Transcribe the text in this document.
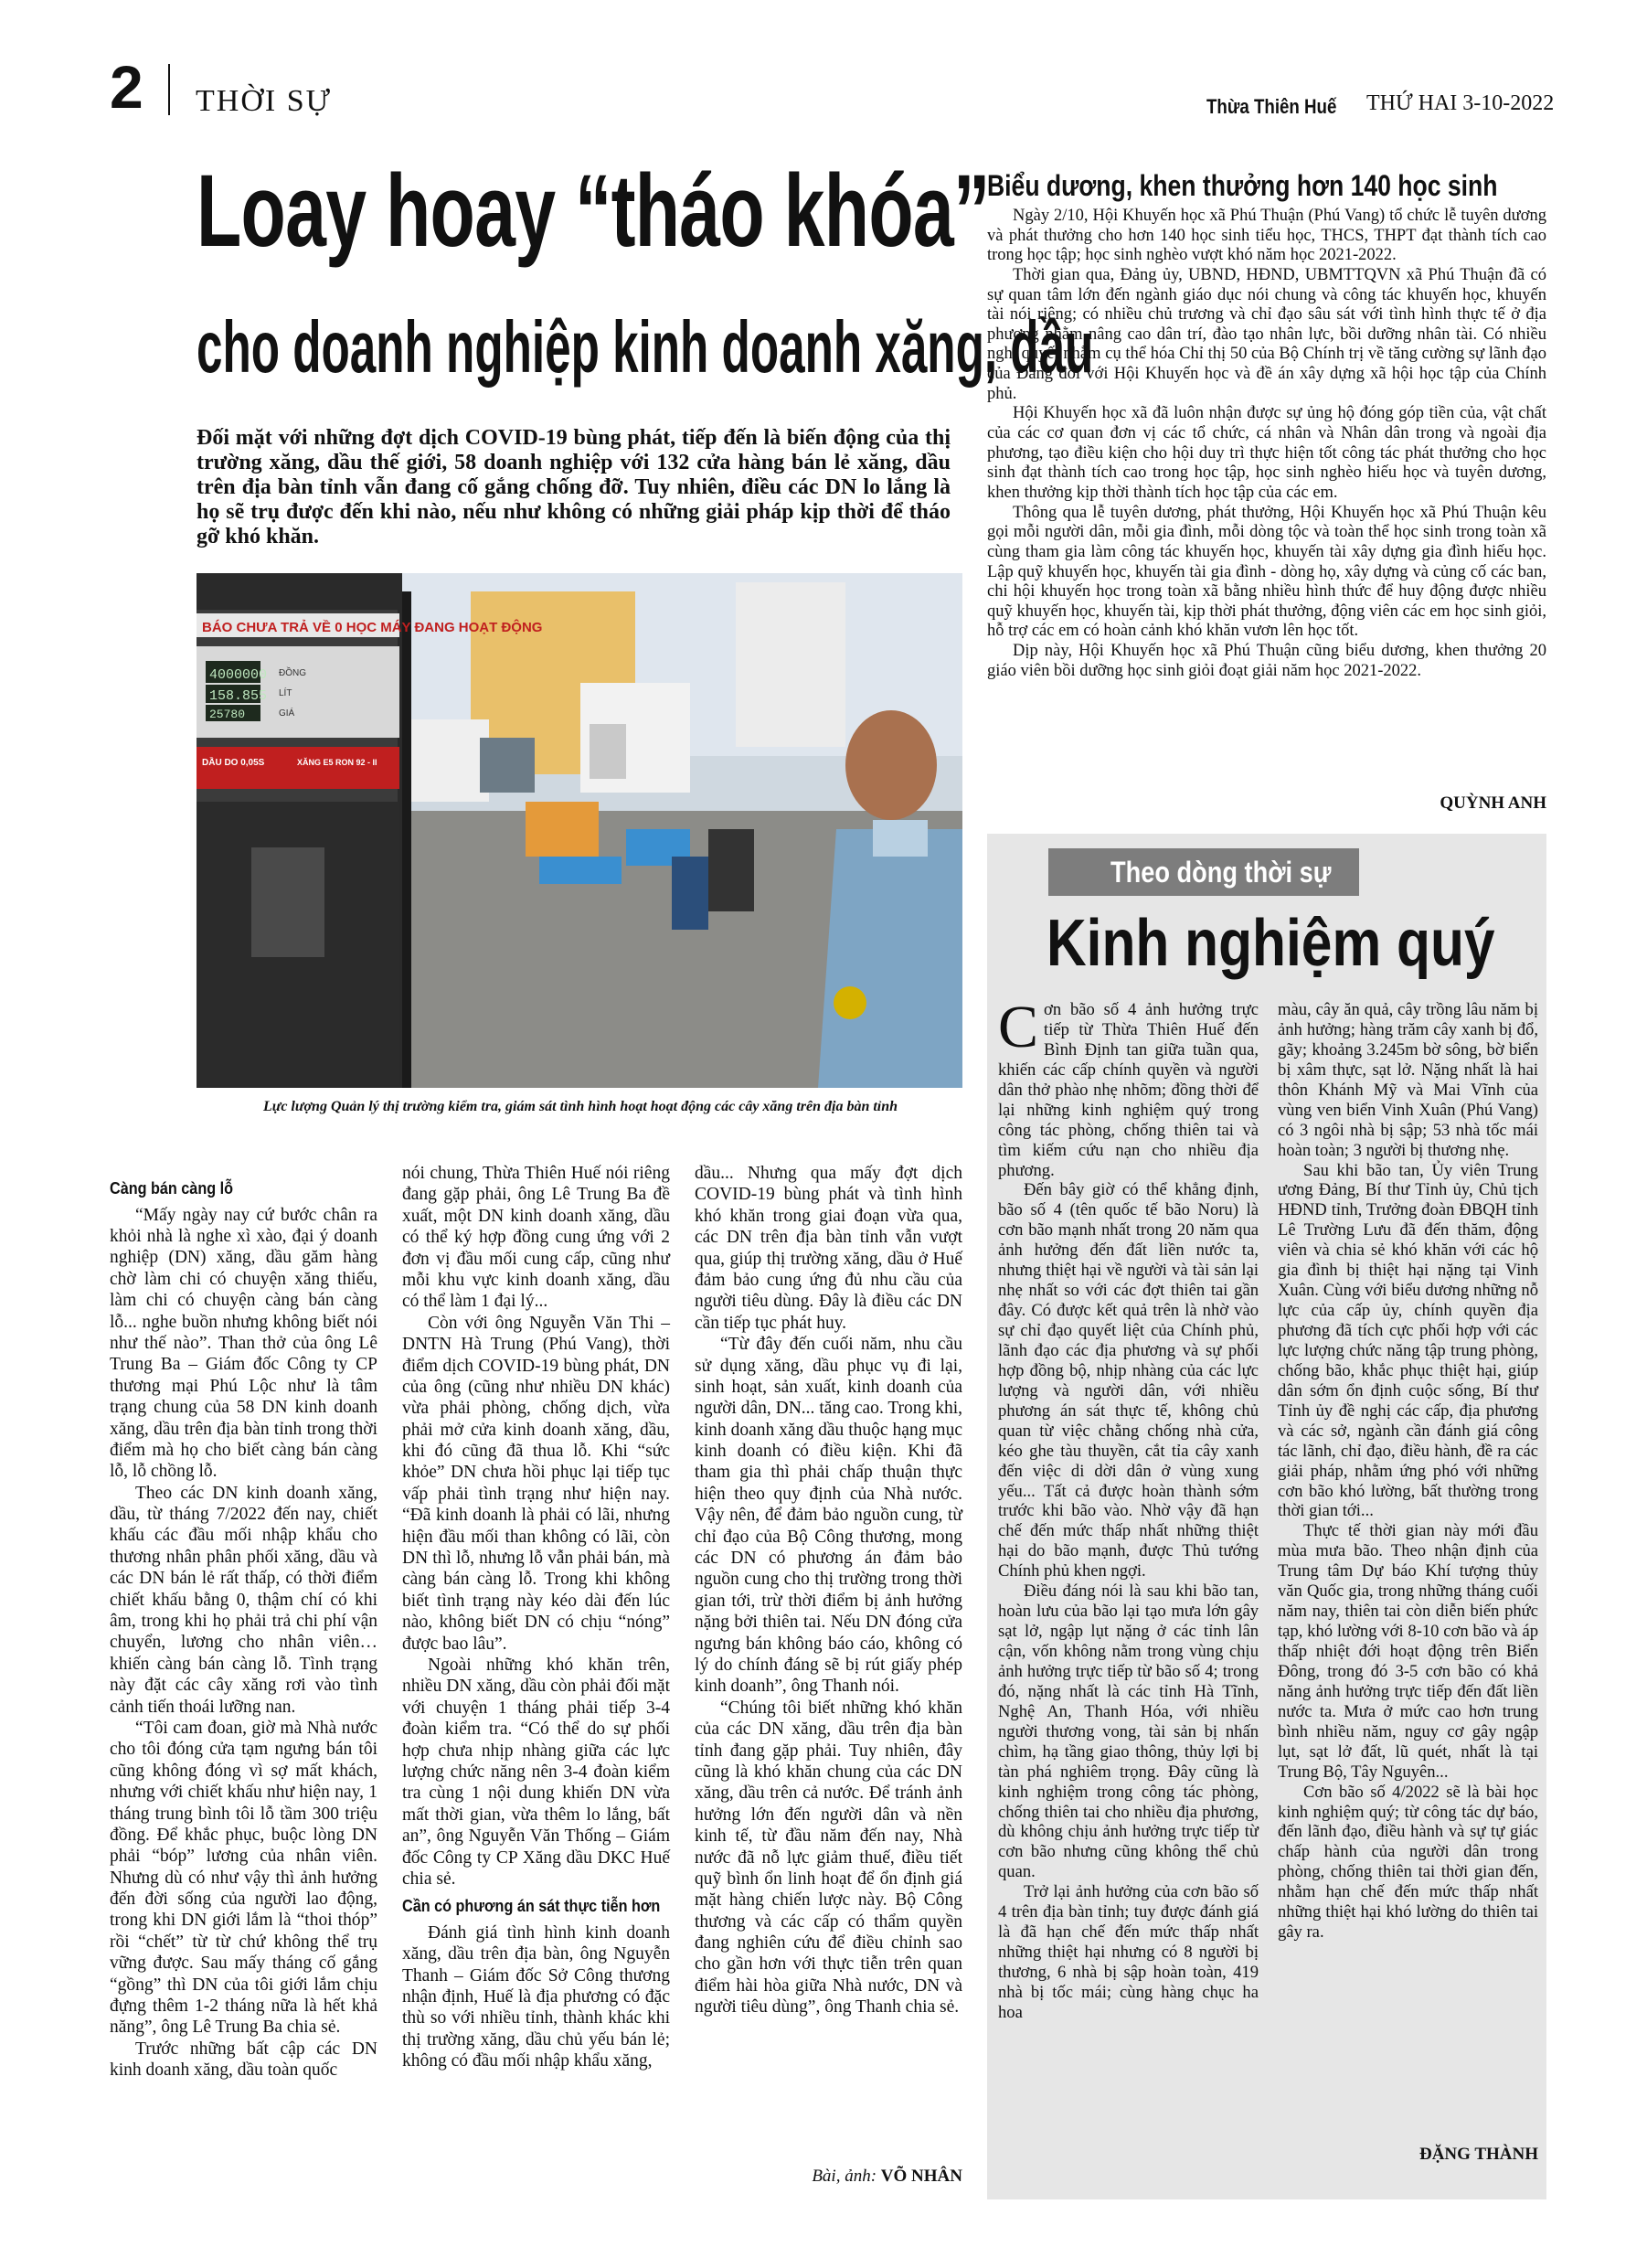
2 THỜI SỰ	Thừa Thiên Huế THỨ HAI 3-10-2022
Loay hoay “tháo khóa”
cho doanh nghiệp kinh doanh xăng, dầu
Đối mặt với những đợt dịch COVID-19 bùng phát, tiếp đến là biến động của thị trường xăng, dầu thế giới, 58 doanh nghiệp với 132 cửa hàng bán lẻ xăng, dầu trên địa bàn tỉnh vẫn đang cố gắng chống đỡ. Tuy nhiên, điều các DN lo lắng là họ sẽ trụ được đến khi nào, nếu như không có những giải pháp kịp thời để tháo gỡ khó khăn.
BÁO CHƯA TRẢ VỀ 0 HỌC MÁY ĐANG HOẠT ĐỘNG
4000000
158.855
25780
ĐỒNG
LÍT
GIÁ
DẦU DO 0,05S	XĂNG E5 RON 92 - II
Lực lượng Quản lý thị trường kiểm tra, giám sát tình hình hoạt hoạt động các cây xăng trên địa bàn tỉnh
Càng bán càng lỗ

“Mấy ngày nay cứ bước chân ra khỏi nhà là nghe xì xào, đại ý doanh nghiệp (DN) xăng, dầu găm hàng chờ làm chi có chuyện xăng thiếu, làm chi có chuyện càng bán càng lỗ... nghe buồn nhưng không biết nói như thế nào”. Than thở của ông Lê Trung Ba – Giám đốc Công ty CP thương mại Phú Lộc như là tâm trạng chung của 58 DN kinh doanh xăng, dầu trên địa bàn tỉnh trong thời điểm mà họ cho biết càng bán càng lỗ, lỗ chồng lỗ.

Theo các DN kinh doanh xăng, dầu, từ tháng 7/2022 đến nay, chiết khấu các đầu mối nhập khẩu cho thương nhân phân phối xăng, dầu và các DN bán lẻ rất thấp, có thời điểm chiết khấu bằng 0, thậm chí có khi âm, trong khi họ phải trả chi phí vận chuyển, lương cho nhân viên… khiến càng bán càng lỗ. Tình trạng này đặt các cây xăng rơi vào tình cảnh tiến thoái lưỡng nan.

“Tôi cam đoan, giờ mà Nhà nước cho tôi đóng cửa tạm ngưng bán tôi cũng không đóng vì sợ mất khách, nhưng với chiết khấu như hiện nay, 1 tháng trung bình tôi lỗ tầm 300 triệu đồng. Để khắc phục, buộc lòng DN phải “bóp” lương của nhân viên. Nhưng dù có như vậy thì ảnh hưởng đến đời sống của người lao động, trong khi DN giới lắm là “thoi thóp” rồi “chết” từ từ chứ không thể trụ vững được. Sau mấy tháng cố gắng “gồng” thì DN của tôi giới lắm chịu đựng thêm 1-2 tháng nữa là hết khả năng”, ông Lê Trung Ba chia sẻ.

Trước những bất cập các DN kinh doanh xăng, dầu toàn quốc

nói chung, Thừa Thiên Huế nói riêng đang gặp phải, ông Lê Trung Ba đề xuất, một DN kinh doanh xăng, dầu có thể ký hợp đồng cung ứng với 2 đơn vị đầu mối cung cấp, cũng như mỗi khu vực kinh doanh xăng, dầu có thể làm 1 đại lý...

Còn với ông Nguyễn Văn Thi – DNTN Hà Trung (Phú Vang), thời điểm dịch COVID-19 bùng phát, DN của ông (cũng như nhiều DN khác) vừa phải phòng, chống dịch, vừa phải mở cửa kinh doanh xăng, dầu, khi đó cũng đã thua lỗ. Khi “sức khỏe” DN chưa hồi phục lại tiếp tục vấp phải tình trạng như hiện nay. “Đã kinh doanh là phải có lãi, nhưng hiện đầu mối than không có lãi, còn DN thì lỗ, nhưng lỗ vẫn phải bán, mà càng bán càng lỗ. Trong khi không biết tình trạng này kéo dài đến lúc nào, không biết DN có chịu “nóng” được bao lâu”.

Ngoài những khó khăn trên, nhiều DN xăng, dầu còn phải đối mặt với chuyện 1 tháng phải tiếp 3-4 đoàn kiểm tra. “Có thể do sự phối hợp chưa nhịp nhàng giữa các lực lượng chức năng nên 3-4 đoàn kiểm tra cùng 1 nội dung khiến DN vừa mất thời gian, vừa thêm lo lắng, bất an”, ông Nguyễn Văn Thống – Giám đốc Công ty CP Xăng dầu DKC Huế chia sẻ.

Cần có phương án sát thực tiễn hơn

Đánh giá tình hình kinh doanh xăng, dầu trên địa bàn, ông Nguyễn Thanh – Giám đốc Sở Công thương nhận định, Huế là địa phương có đặc thù so với nhiều tỉnh, thành khác khi thị trường xăng, dầu chủ yếu bán lẻ; không có đầu mối nhập khẩu xăng,

dầu... Nhưng qua mấy đợt dịch COVID-19 bùng phát và tình hình khó khăn trong giai đoạn vừa qua, các DN trên địa bàn tỉnh vẫn vượt qua, giúp thị trường xăng, dầu ở Huế đảm bảo cung ứng đủ nhu cầu của người tiêu dùng. Đây là điều các DN cần tiếp tục phát huy.

“Từ đây đến cuối năm, nhu cầu sử dụng xăng, dầu phục vụ đi lại, sinh hoạt, sản xuất, kinh doanh của người dân, DN... tăng cao. Trong khi, kinh doanh xăng dầu thuộc hạng mục kinh doanh có điều kiện. Khi đã tham gia thì phải chấp thuận thực hiện theo quy định của Nhà nước. Vậy nên, để đảm bảo nguồn cung, từ chỉ đạo của Bộ Công thương, mong các DN có phương án đảm bảo nguồn cung cho thị trường trong thời gian tới, trừ thời điểm bị ảnh hưởng nặng bởi thiên tai. Nếu DN đóng cửa ngưng bán không báo cáo, không có lý do chính đáng sẽ bị rút giấy phép kinh doanh”, ông Thanh nói.

“Chúng tôi biết những khó khăn của các DN xăng, dầu trên địa bàn tỉnh đang gặp phải. Tuy nhiên, đây cũng là khó khăn chung của các DN xăng, dầu trên cả nước. Để tránh ảnh hưởng lớn đến người dân và nền kinh tế, từ đầu năm đến nay, Nhà nước đã nỗ lực giảm thuế, điều tiết quỹ bình ổn linh hoạt để ổn định giá mặt hàng chiến lược này. Bộ Công thương và các cấp có thẩm quyền đang nghiên cứu để điều chỉnh sao cho gần hơn với thực tiễn trên quan điểm hài hòa giữa Nhà nước, DN và người tiêu dùng”, ông Thanh chia sẻ.

Bài, ảnh: VÕ NHÂN
Biểu dương, khen thưởng hơn 140 học sinh

Ngày 2/10, Hội Khuyến học xã Phú Thuận (Phú Vang) tổ chức lễ tuyên dương và phát thưởng cho hơn 140 học sinh tiểu học, THCS, THPT đạt thành tích cao trong học tập; học sinh nghèo vượt khó năm học 2021-2022.

Thời gian qua, Đảng ủy, UBND, HĐND, UBMTTQVN xã Phú Thuận đã có sự quan tâm lớn đến ngành giáo dục nói chung và công tác khuyến học, khuyến tài nói riêng; có nhiều chủ trương và chỉ đạo sâu sát với tình hình thực tế ở địa phương nhằm nâng cao dân trí, đào tạo nhân lực, bồi dưỡng nhân tài. Có nhiều nghị quyết nhằm cụ thể hóa Chỉ thị 50 của Bộ Chính trị về tăng cường sự lãnh đạo của Đảng đối với Hội Khuyến học và đề án xây dựng xã hội học tập của Chính phủ.

Hội Khuyến học xã đã luôn nhận được sự ủng hộ đóng góp tiền của, vật chất của các cơ quan đơn vị các tổ chức, cá nhân và Nhân dân trong và ngoài địa phương, tạo điều kiện cho hội duy trì thực hiện tốt công tác phát thưởng cho học sinh đạt thành tích cao trong học tập, học sinh nghèo hiếu học và tuyên dương, khen thưởng kịp thời thành tích học tập của các em.

Thông qua lễ tuyên dương, phát thưởng, Hội Khuyến học xã Phú Thuận kêu gọi mỗi người dân, mỗi gia đình, mỗi dòng tộc và toàn thể học sinh trong toàn xã cùng tham gia làm công tác khuyến học, khuyến tài xây dựng gia đình hiếu học. Lập quỹ khuyến học, khuyến tài gia đình - dòng họ, xây dựng và củng cố các ban, chi hội khuyến học trong toàn xã bằng nhiều hình thức để huy động được nhiều quỹ khuyến học, khuyến tài, kịp thời phát thưởng, động viên các em học sinh giỏi, hỗ trợ các em có hoàn cảnh khó khăn vươn lên học tốt.

Dịp này, Hội Khuyến học xã Phú Thuận cũng biểu dương, khen thưởng 20 giáo viên bồi dưỡng học sinh giỏi đoạt giải năm học 2021-2022.

QUỲNH ANH
Theo dòng thời sự
Kinh nghiệm quý

Cơn bão số 4 ảnh hưởng trực tiếp từ Thừa Thiên Huế đến Bình Định tan giữa tuần qua, khiến các cấp chính quyền và người dân thở phào nhẹ nhõm; đồng thời để lại những kinh nghiệm quý trong công tác phòng, chống thiên tai và tìm kiếm cứu nạn cho nhiều địa phương.

Đến bây giờ có thể khẳng định, bão số 4 (tên quốc tế bão Noru) là cơn bão mạnh nhất trong 20 năm qua ảnh hưởng đến đất liền nước ta, nhưng thiệt hại về người và tài sản lại nhẹ nhất so với các đợt thiên tai gần đây. Có được kết quả trên là nhờ vào sự chỉ đạo quyết liệt của Chính phủ, lãnh đạo các địa phương và sự phối hợp đồng bộ, nhịp nhàng của các lực lượng và người dân, với nhiều phương án sát thực tế, không chủ quan từ việc chằng chống nhà cửa, kéo ghe tàu thuyền, cắt tỉa cây xanh đến việc di dời dân ở vùng xung yếu... Tất cả được hoàn thành sớm trước khi bão vào. Nhờ vậy đã hạn chế đến mức thấp nhất những thiệt hại do bão mạnh, được Thủ tướng Chính phủ khen ngợi.

Điều đáng nói là sau khi bão tan, hoàn lưu của bão lại tạo mưa lớn gây sạt lở, ngập lụt nặng ở các tỉnh lân cận, vốn không nằm trong vùng chịu ảnh hưởng trực tiếp từ bão số 4; trong đó, nặng nhất là các tỉnh Hà Tĩnh, Nghệ An, Thanh Hóa, với nhiều người thương vong, tài sản bị nhấn chìm, hạ tầng giao thông, thủy lợi bị tàn phá nghiêm trọng. Đây cũng là kinh nghiệm trong công tác phòng, chống thiên tai cho nhiều địa phương, dù không chịu ảnh hưởng trực tiếp từ cơn bão nhưng cũng không thể chủ quan.

Trở lại ảnh hưởng của cơn bão số 4 trên địa bàn tỉnh; tuy được đánh giá là đã hạn chế đến mức thấp nhất những thiệt hại nhưng có 8 người bị thương, 6 nhà bị sập hoàn toàn, 419 nhà bị tốc mái; cùng hàng chục ha hoa

màu, cây ăn quả, cây trồng lâu năm bị ảnh hưởng; hàng trăm cây xanh bị đổ, gãy; khoảng 3.245m bờ sông, bờ biển bị xâm thực, sạt lở. Nặng nhất là hai thôn Khánh Mỹ và Mai Vĩnh của vùng ven biển Vinh Xuân (Phú Vang) có 3 ngôi nhà bị sập; 53 nhà tốc mái hoàn toàn; 3 người bị thương nhẹ.

Sau khi bão tan, Ủy viên Trung ương Đảng, Bí thư Tỉnh ủy, Chủ tịch HĐND tỉnh, Trưởng đoàn ĐBQH tỉnh Lê Trường Lưu đã đến thăm, động viên và chia sẻ khó khăn với các hộ gia đình bị thiệt hại nặng tại Vinh Xuân. Cùng với biểu dương những nỗ lực của cấp ủy, chính quyền địa phương đã tích cực phối hợp với các lực lượng chức năng tập trung phòng, chống bão, khắc phục thiệt hại, giúp dân sớm ổn định cuộc sống, Bí thư Tỉnh ủy đề nghị các cấp, địa phương và các sở, ngành cần đánh giá công tác lãnh, chỉ đạo, điều hành, đề ra các giải pháp, nhằm ứng phó với những cơn bão khó lường, bất thường trong thời gian tới...

Thực tế thời gian này mới đầu mùa mưa bão. Theo nhận định của Trung tâm Dự báo Khí tượng thủy văn Quốc gia, trong những tháng cuối năm nay, thiên tai còn diễn biến phức tạp, khó lường với 8-10 cơn bão và áp thấp nhiệt đới hoạt động trên Biển Đông, trong đó 3-5 cơn bão có khả năng ảnh hưởng trực tiếp đến đất liền nước ta. Mưa ở mức cao hơn trung bình nhiều năm, nguy cơ gây ngập lụt, sạt lở đất, lũ quét, nhất là tại Trung Bộ, Tây Nguyên...

Cơn bão số 4/2022 sẽ là bài học kinh nghiệm quý; từ công tác dự báo, đến lãnh đạo, điều hành và sự tự giác chấp hành của người dân trong phòng, chống thiên tai thời gian đến, nhằm hạn chế đến mức thấp nhất những thiệt hại khó lường do thiên tai gây ra.

ĐẶNG THÀNH
